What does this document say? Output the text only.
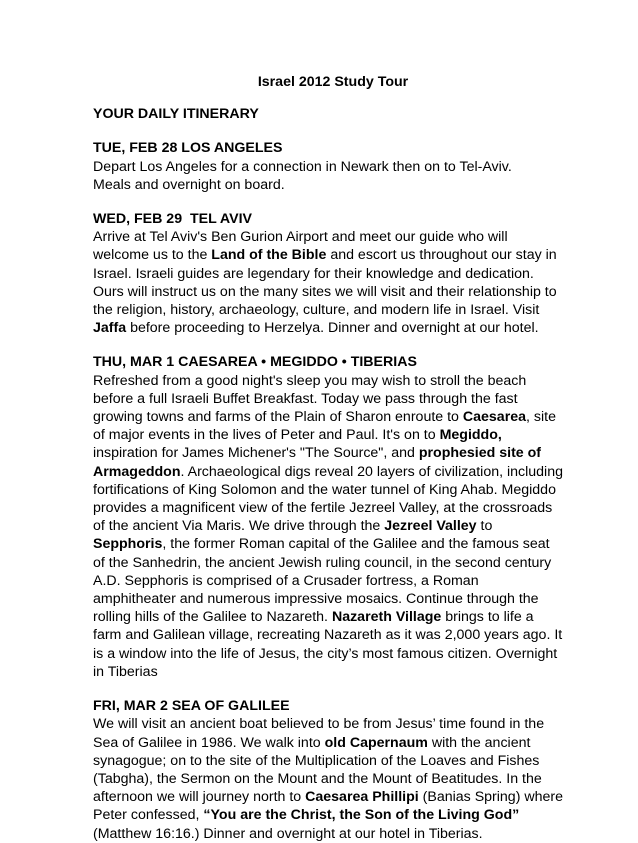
Israel 2012 Study Tour
YOUR DAILY ITINERARY
TUE, FEB 28 LOS ANGELES
Depart Los Angeles for a connection in Newark then on to Tel-Aviv.
Meals and overnight on board.
WED, FEB 29  TEL AVIV
Arrive at Tel Aviv's Ben Gurion Airport and meet our guide who will
welcome us to the Land of the Bible and escort us throughout our stay in
Israel. Israeli guides are legendary for their knowledge and dedication.
Ours will instruct us on the many sites we will visit and their relationship to
the religion, history, archaeology, culture, and modern life in Israel. Visit
Jaffa before proceeding to Herzelya. Dinner and overnight at our hotel.
THU, MAR 1 CAESAREA • MEGIDDO • TIBERIAS
Refreshed from a good night's sleep you may wish to stroll the beach
before a full Israeli Buffet Breakfast. Today we pass through the fast
growing towns and farms of the Plain of Sharon enroute to Caesarea, site
of major events in the lives of Peter and Paul. It's on to Megiddo,
inspiration for James Michener's "The Source", and prophesied site of
Armageddon. Archaeological digs reveal 20 layers of civilization, including
fortifications of King Solomon and the water tunnel of King Ahab. Megiddo
provides a magnificent view of the fertile Jezreel Valley, at the crossroads
of the ancient Via Maris. We drive through the Jezreel Valley to
Sepphoris, the former Roman capital of the Galilee and the famous seat
of the Sanhedrin, the ancient Jewish ruling council, in the second century
A.D. Sepphoris is comprised of a Crusader fortress, a Roman
amphitheater and numerous impressive mosaics. Continue through the
rolling hills of the Galilee to Nazareth. Nazareth Village brings to life a
farm and Galilean village, recreating Nazareth as it was 2,000 years ago. It
is a window into the life of Jesus, the city’s most famous citizen. Overnight
in Tiberias
FRI, MAR 2 SEA OF GALILEE
We will visit an ancient boat believed to be from Jesus’ time found in the
Sea of Galilee in 1986. We walk into old Capernaum with the ancient
synagogue; on to the site of the Multiplication of the Loaves and Fishes
(Tabgha), the Sermon on the Mount and the Mount of Beatitudes. In the
afternoon we will journey north to Caesarea Phillipi (Banias Spring) where
Peter confessed, “You are the Christ, the Son of the Living God”
(Matthew 16:16.) Dinner and overnight at our hotel in Tiberias.
